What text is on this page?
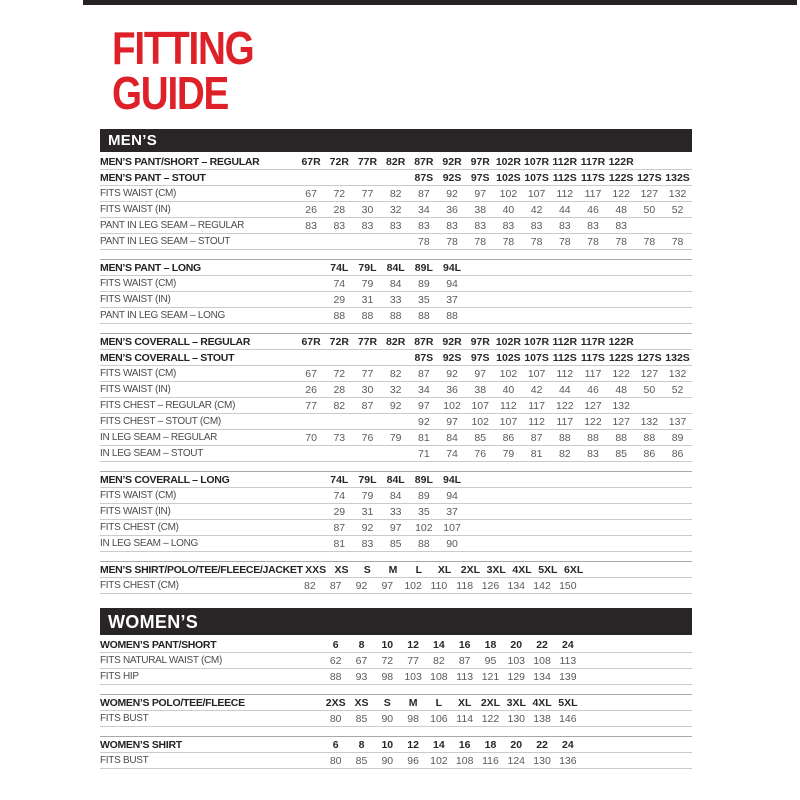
FITTING
GUIDE
MEN’S
MEN’S PANT/SHORT – REGULAR	67R 72R 77R 82R 87R 92R 97R 102R 107R 112R 117R 122R
MEN’S PANT – STOUT	87S 92S 97S 102S 107S 112S 117S 122S 127S 132S
FITS WAIST (CM)	67	72	77	82	87	92	97	102	107	112	117	122	127	132
FITS WAIST (IN)	26	28	30	32	34	36	38	40	42	44	46	48	50	52
PANT IN LEG SEAM – REGULAR	83	83	83	83	83	83	83	83	83	83	83	83
PANT IN LEG SEAM – STOUT	78	78	78	78	78	78	78	78	78	78
MEN’S PANT – LONG	74L 79L 84L 89L 94L
FITS WAIST (CM)	74	79	84	89	94
FITS WAIST (IN)	29	31	33	35	37
PANT IN LEG SEAM – LONG	88	88	88	88	88
MEN’S COVERALL – REGULAR	67R 72R 77R 82R 87R 92R 97R 102R 107R 112R 117R 122R
MEN’S COVERALL – STOUT	87S 92S 97S 102S 107S 112S 117S 122S 127S 132S
FITS WAIST (CM)	67	72	77	82	87	92	97	102	107	112	117	122	127	132
FITS WAIST (IN)	26	28	30	32	34	36	38	40	42	44	46	48	50	52
FITS CHEST – REGULAR (CM)	77	82	87	92	97	102	107	112	117	122	127	132
FITS CHEST – STOUT (CM)	92	97	102	107	112	117	122	127	132	137
IN LEG SEAM – REGULAR	70	73	76	79	81	84	85	86	87	88	88	88	88	89
IN LEG SEAM – STOUT	71	74	76	79	81	82	83	85	86	86
MEN’S COVERALL – LONG	74L 79L 84L 89L 94L
FITS WAIST (CM)	74	79	84	89	94
FITS WAIST (IN)	29	31	33	35	37
FITS CHEST (CM)	87	92	97	102	107
IN LEG SEAM – LONG	81	83	85	88	90
MEN’S SHIRT/POLO/TEE/FLEECE/JACKET XXS XS	S	M	L	XL 2XL 3XL 4XL 5XL 6XL
FITS CHEST (CM)	82	87	92	97	102 110 118 126 134 142 150
WOMEN’S
WOMEN’S PANT/SHORT	6	8	10	12	14	16	18	20	22	24
FITS NATURAL WAIST (CM)	62	67	72	77	82	87	95	103 108 113
FITS HIP	88	93	98	103 108 113 121 129 134 139
WOMEN’S POLO/TEE/FLEECE	2XS XS	S	M	L	XL 2XL 3XL 4XL 5XL
FITS BUST	80	85	90	98	106 114 122 130 138 146
WOMEN’S SHIRT	6	8	10	12	14	16	18	20	22	24
FITS BUST	80	85	90	96	102 108 116 124 130 136
